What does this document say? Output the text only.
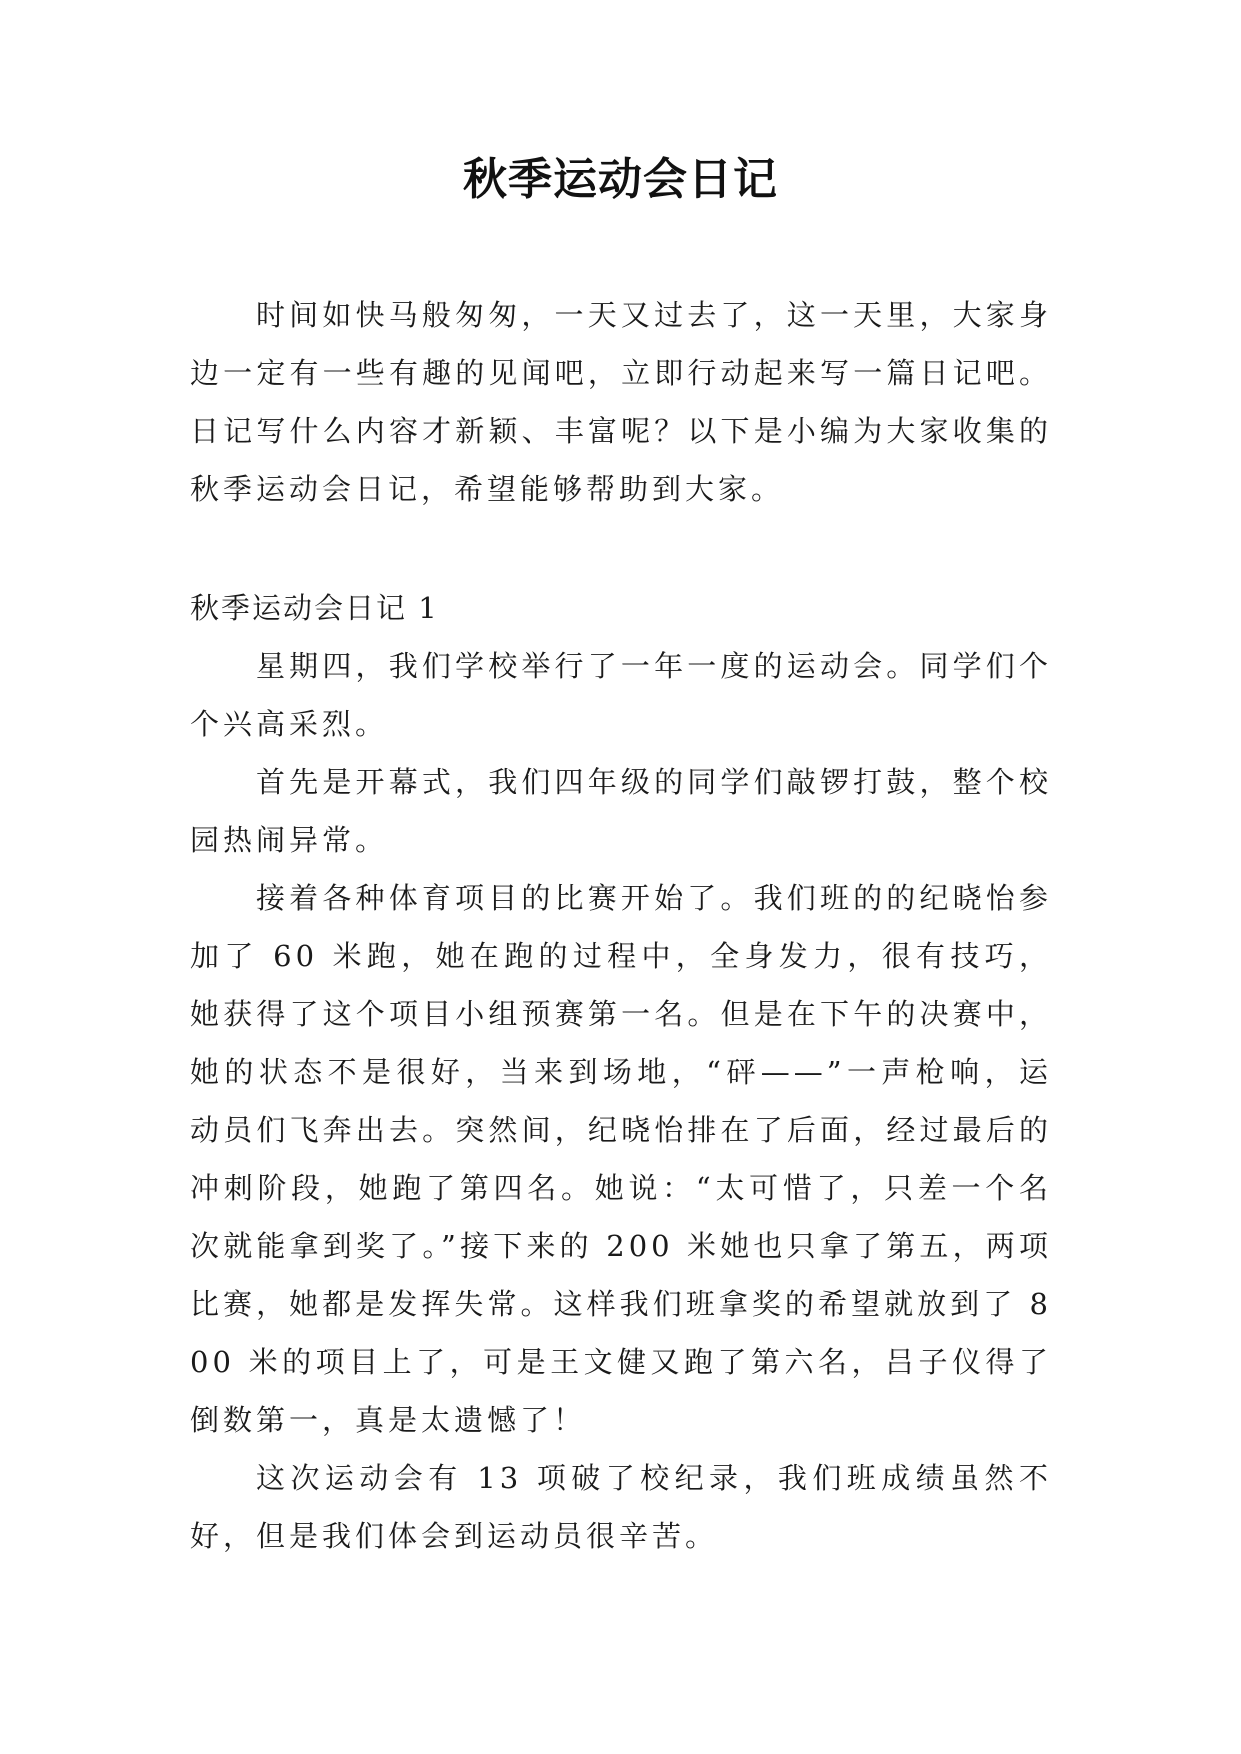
秋季运动会日记

时间如快马般匆匆，一天又过去了，这一天里，大家身边一定有一些有趣的见闻吧，立即行动起来写一篇日记吧。日记写什么内容才新颖、丰富呢？以下是小编为大家收集的秋季运动会日记，希望能够帮助到大家。

秋季运动会日记 1

星期四，我们学校举行了一年一度的运动会。同学们个个兴高采烈。

首先是开幕式，我们四年级的同学们敲锣打鼓，整个校园热闹异常。

接着各种体育项目的比赛开始了。我们班的的纪晓怡参加了 60 米跑，她在跑的过程中，全身发力，很有技巧，她获得了这个项目小组预赛第一名。但是在下午的决赛中，她的状态不是很好，当来到场地，“砰——”一声枪响，运动员们飞奔出去。突然间，纪晓怡排在了后面，经过最后的冲刺阶段，她跑了第四名。她说：“太可惜了，只差一个名次就能拿到奖了。”接下来的 200 米她也只拿了第五，两项比赛，她都是发挥失常。这样我们班拿奖的希望就放到了 800 米的项目上了，可是王文健又跑了第六名，吕子仪得了倒数第一，真是太遗憾了！

这次运动会有 13 项破了校纪录，我们班成绩虽然不好，但是我们体会到运动员很辛苦。
